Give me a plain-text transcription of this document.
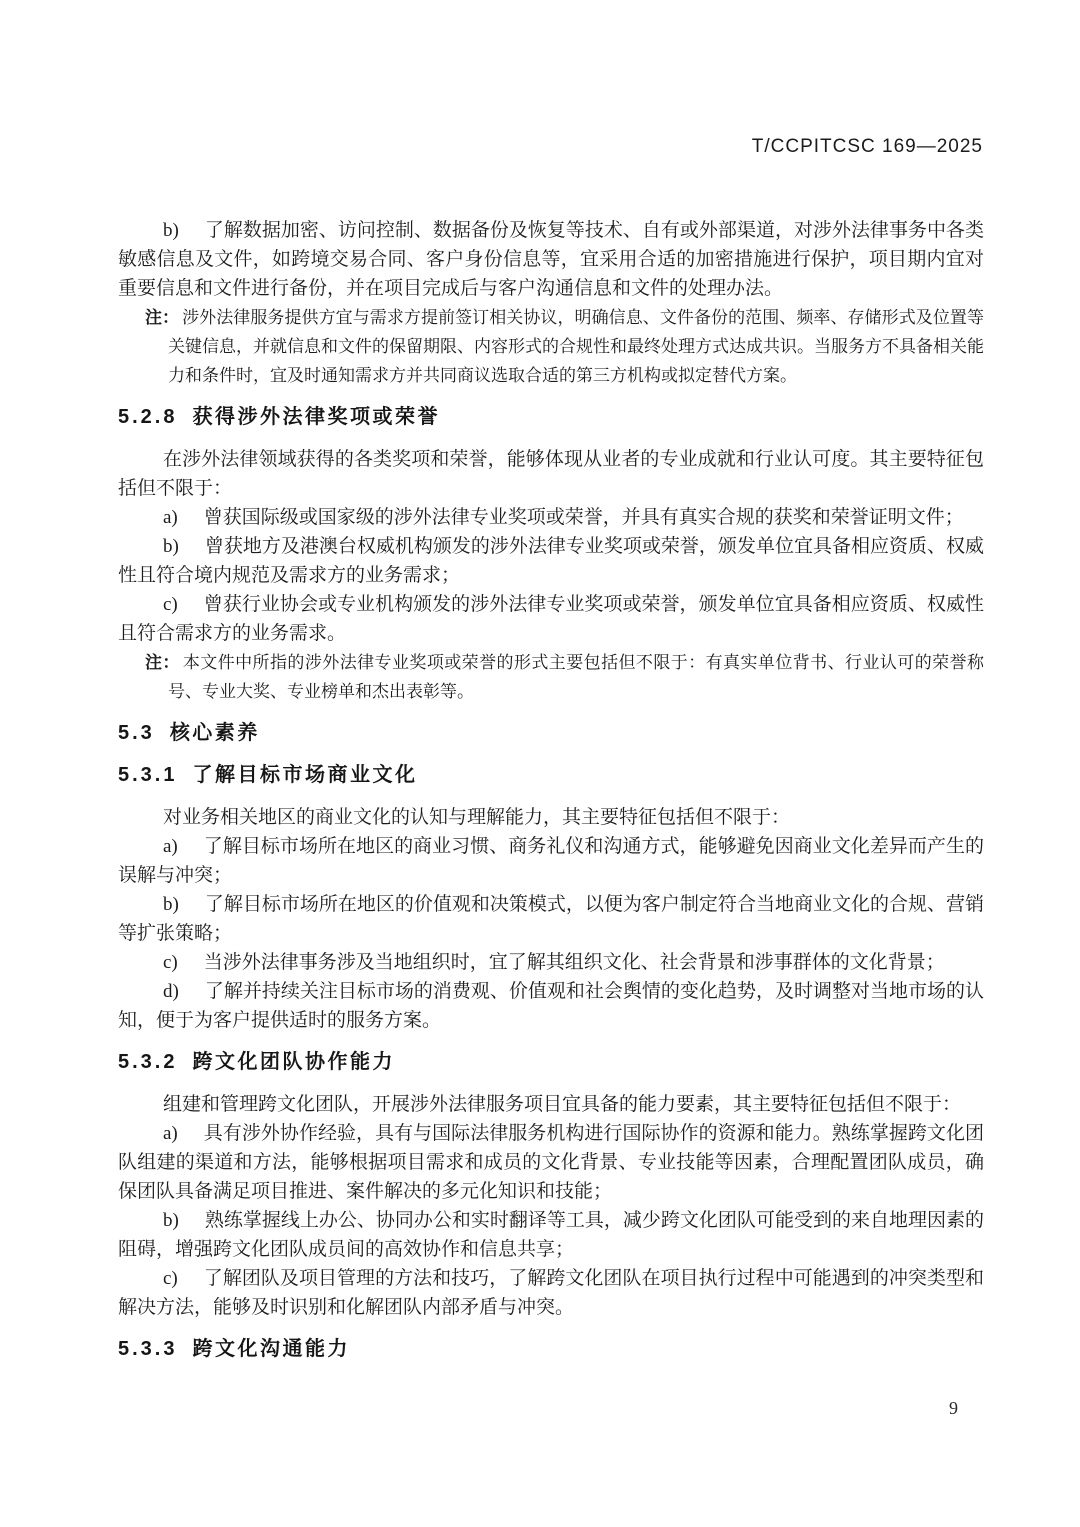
T/CCPITCSC 169—2025

b) 了解数据加密、访问控制、数据备份及恢复等技术、自有或外部渠道，对涉外法律事务中各类敏感信息及文件，如跨境交易合同、客户身份信息等，宜采用合适的加密措施进行保护，项目期内宜对重要信息和文件进行备份，并在项目完成后与客户沟通信息和文件的处理办法。

注： 涉外法律服务提供方宜与需求方提前签订相关协议，明确信息、文件备份的范围、频率、存储形式及位置等关键信息，并就信息和文件的保留期限、内容形式的合规性和最终处理方式达成共识。当服务方不具备相关能力和条件时，宜及时通知需求方并共同商议选取合适的第三方机构或拟定替代方案。

5.2.8 获得涉外法律奖项或荣誉

在涉外法律领域获得的各类奖项和荣誉，能够体现从业者的专业成就和行业认可度。其主要特征包括但不限于：

a) 曾获国际级或国家级的涉外法律专业奖项或荣誉，并具有真实合规的获奖和荣誉证明文件；

b) 曾获地方及港澳台权威机构颁发的涉外法律专业奖项或荣誉，颁发单位宜具备相应资质、权威性且符合境内规范及需求方的业务需求；

c) 曾获行业协会或专业机构颁发的涉外法律专业奖项或荣誉，颁发单位宜具备相应资质、权威性且符合需求方的业务需求。

注： 本文件中所指的涉外法律专业奖项或荣誉的形式主要包括但不限于：有真实单位背书、行业认可的荣誉称号、专业大奖、专业榜单和杰出表彰等。

5.3 核心素养
5.3.1 了解目标市场商业文化

对业务相关地区的商业文化的认知与理解能力，其主要特征包括但不限于：

a) 了解目标市场所在地区的商业习惯、商务礼仪和沟通方式，能够避免因商业文化差异而产生的误解与冲突；

b) 了解目标市场所在地区的价值观和决策模式，以便为客户制定符合当地商业文化的合规、营销等扩张策略；

c) 当涉外法律事务涉及当地组织时，宜了解其组织文化、社会背景和涉事群体的文化背景；

d) 了解并持续关注目标市场的消费观、价值观和社会舆情的变化趋势，及时调整对当地市场的认知，便于为客户提供适时的服务方案。

5.3.2 跨文化团队协作能力

组建和管理跨文化团队，开展涉外法律服务项目宜具备的能力要素，其主要特征包括但不限于：

a) 具有涉外协作经验，具有与国际法律服务机构进行国际协作的资源和能力。熟练掌握跨文化团队组建的渠道和方法，能够根据项目需求和成员的文化背景、专业技能等因素，合理配置团队成员，确保团队具备满足项目推进、案件解决的多元化知识和技能；

b) 熟练掌握线上办公、协同办公和实时翻译等工具，减少跨文化团队可能受到的来自地理因素的阻碍，增强跨文化团队成员间的高效协作和信息共享；

c) 了解团队及项目管理的方法和技巧，了解跨文化团队在项目执行过程中可能遇到的冲突类型和解决方法，能够及时识别和化解团队内部矛盾与冲突。

5.3.3 跨文化沟通能力
9
